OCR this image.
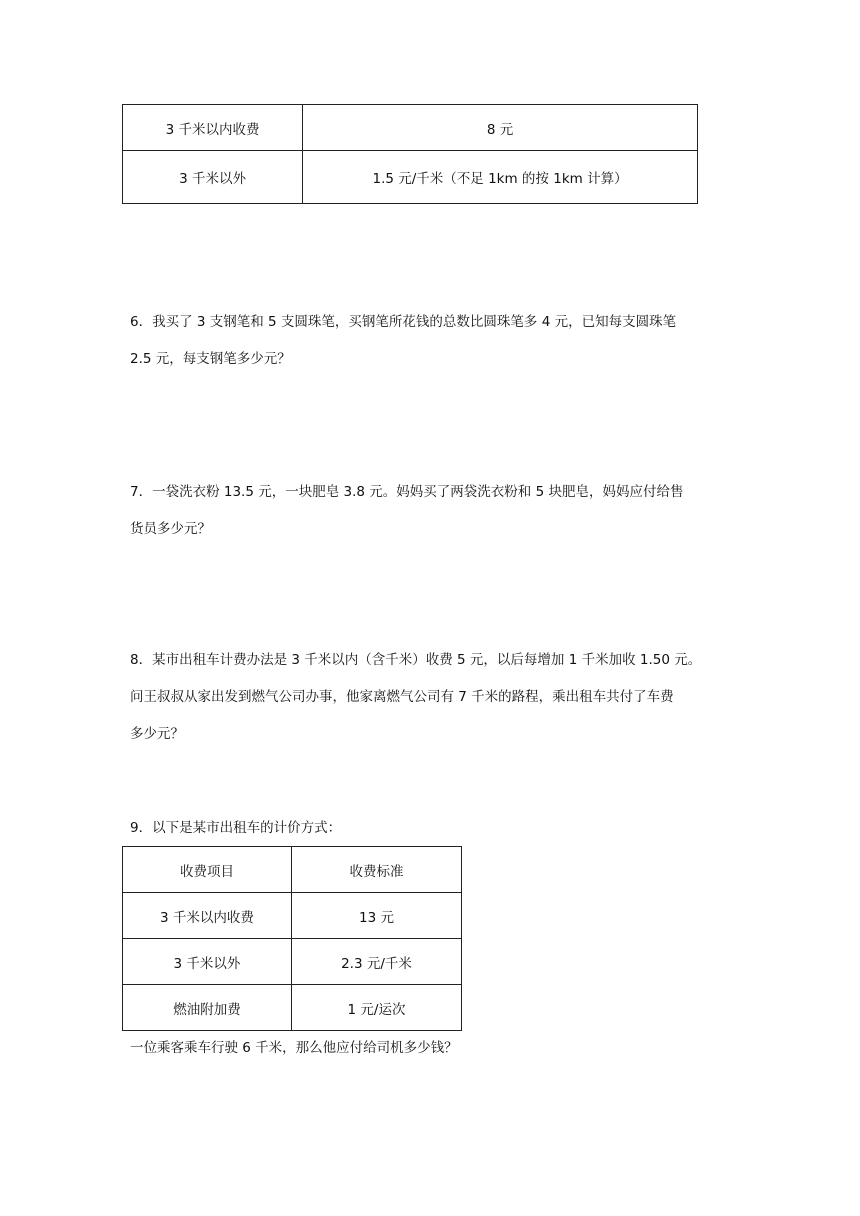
3 千米以内收费	8 元
3 千米以外	1.5 元/千米（不足 1km 的按 1km 计算）
6．我买了 3 支钢笔和 5 支圆珠笔，买钢笔所花钱的总数比圆珠笔多 4 元，已知每支圆珠笔
2.5 元，每支钢笔多少元？
7．一袋洗衣粉 13.5 元，一块肥皂 3.8 元。妈妈买了两袋洗衣粉和 5 块肥皂，妈妈应付给售
货员多少元？
8．某市出租车计费办法是 3 千米以内（含千米）收费 5 元，以后每增加 1 千米加收 1.50 元。
问王叔叔从家出发到燃气公司办事，他家离燃气公司有 7 千米的路程，乘出租车共付了车费
多少元？
9．以下是某市出租车的计价方式：
收费项目	收费标准
3 千米以内收费	13 元
3 千米以外	2.3 元/千米
燃油附加费	1 元/运次
一位乘客乘车行驶 6 千米，那么他应付给司机多少钱？
